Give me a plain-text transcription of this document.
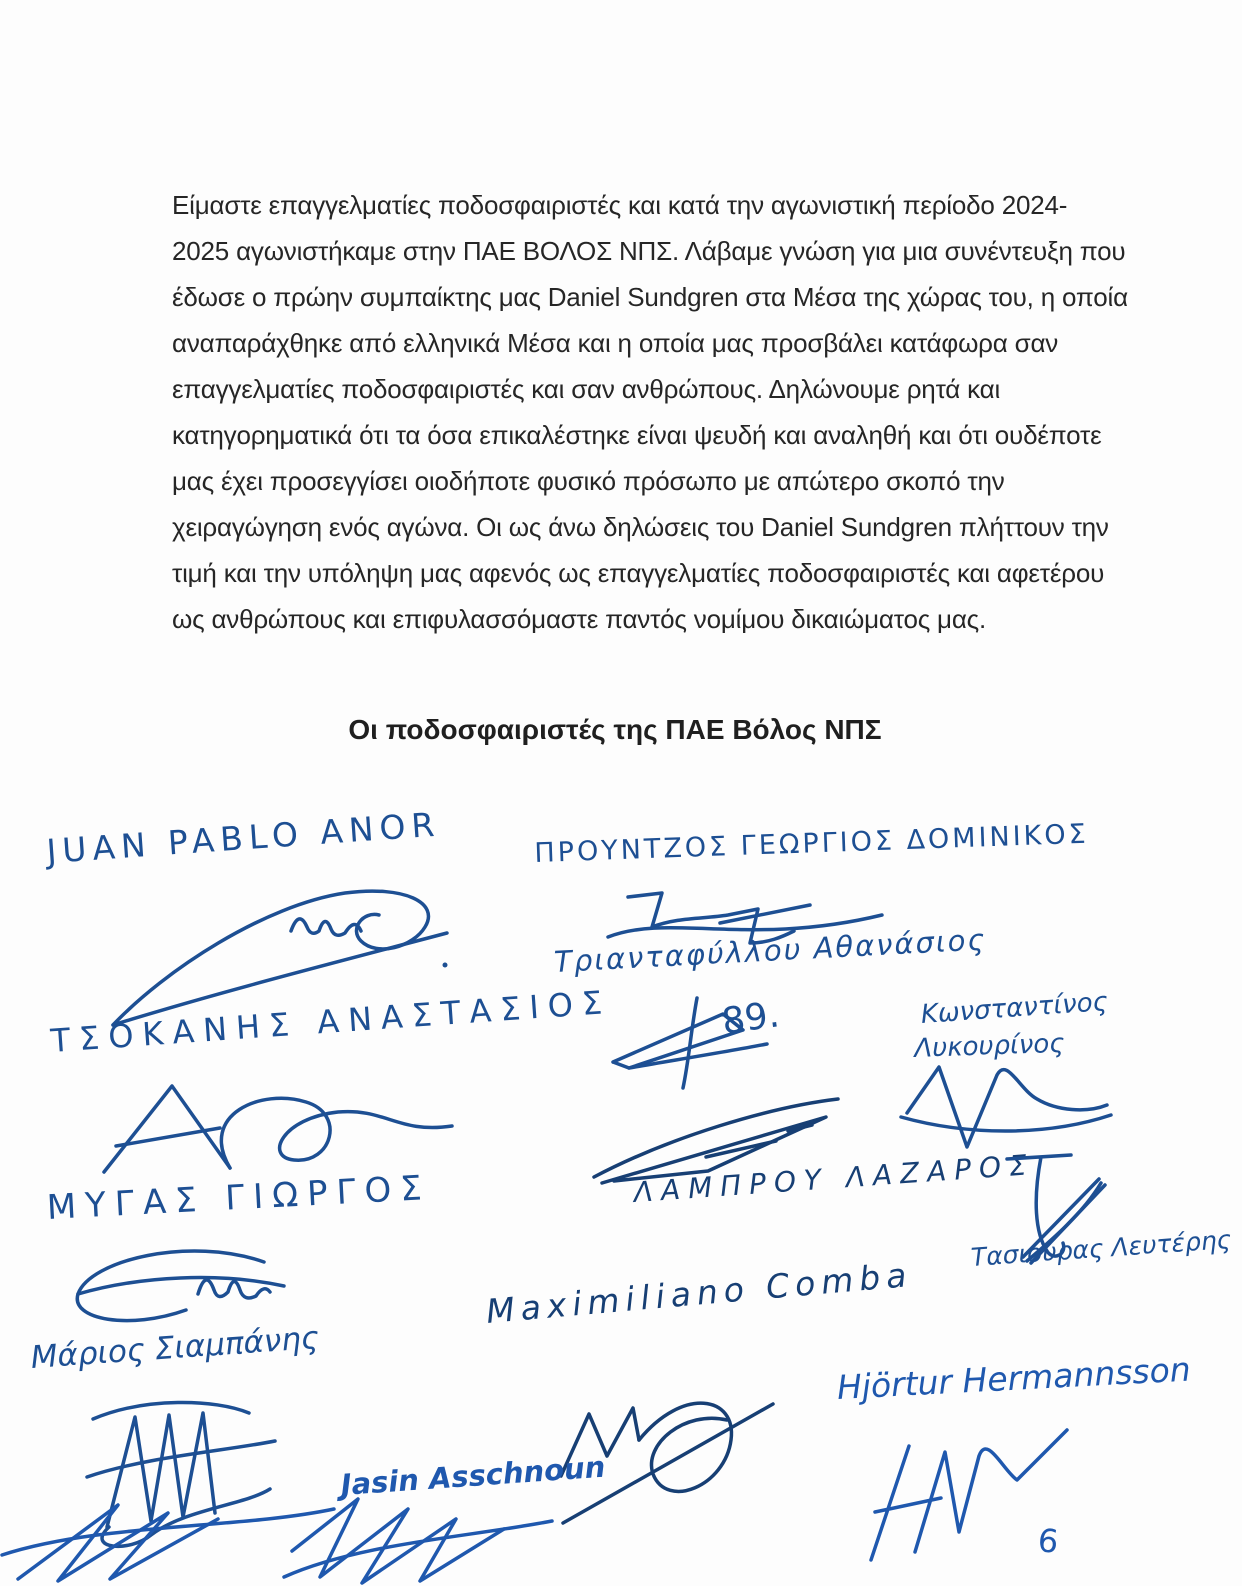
Είμαστε επαγγελματίες ποδοσφαιριστές και κατά την αγωνιστική περίοδο 2024-
2025 αγωνιστήκαμε στην ΠΑΕ ΒΟΛΟΣ ΝΠΣ. Λάβαμε γνώση για μια συνέντευξη που
έδωσε ο πρώην συμπαίκτης μας Daniel Sundgren στα Μέσα της χώρας του, η οποία
αναπαράχθηκε από ελληνικά Μέσα και η οποία μας προσβάλει κατάφωρα σαν
επαγγελματίες ποδοσφαιριστές και σαν ανθρώπους. Δηλώνουμε ρητά και
κατηγορηματικά ότι τα όσα επικαλέστηκε είναι ψευδή και αναληθή και ότι ουδέποτε
μας έχει προσεγγίσει οιοδήποτε φυσικό πρόσωπο με απώτερο σκοπό την
χειραγώγηση ενός αγώνα. Οι ως άνω δηλώσεις του Daniel Sundgren πλήττουν την
τιμή και την υπόληψη μας αφενός ως επαγγελματίες ποδοσφαιριστές και αφετέρου
ως ανθρώπους και επιφυλασσόμαστε παντός νομίμου δικαιώματος μας.
Οι ποδοσφαιριστές της ΠΑΕ Βόλος ΝΠΣ
JUAN PABLO ANOR	ΠΡΟΥΝΤΖΟΣ ΓΕΩΡΓΙΟΣ ΔΟΜΙΝΙΚΟΣ
Τριανταφύλλου Αθανάσιος
89.	Κωνσταντίνος
Λυκουρίνος
ΤΣΟΚΑΝΗΣ ΑΝΑΣΤΑΣΙΟΣ
ΛΑΜΠΡΟΥ ΛΑΖΑΡΟΣ
ΜΥΓΑΣ ΓΙΩΡΓΟΣ
Τασιούρας Λευτέρης
Maximiliano Comba
Μάριος Σιαμπάνης
Jasin Asschnoun
Hjörtur Hermannsson
6
